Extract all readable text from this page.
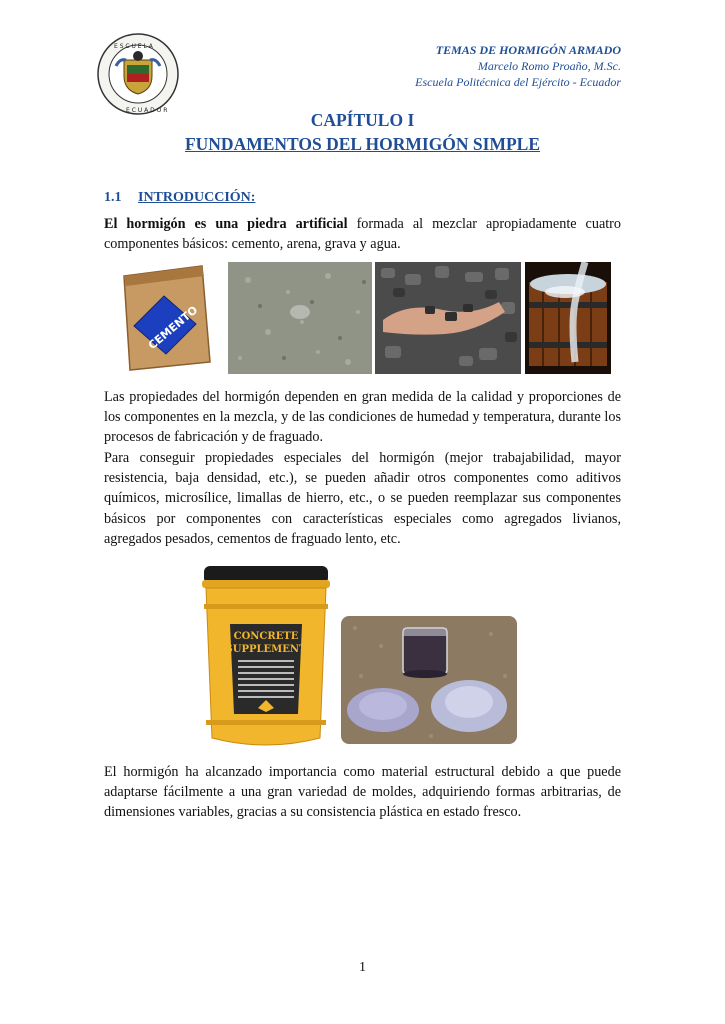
E S C U E L A
E C U A D O R
TEMAS DE HORMIGÓN ARMADO
Marcelo Romo Proaño, M.Sc.
Escuela Politécnica del Ejército - Ecuador
CAPÍTULO I
FUNDAMENTOS DEL HORMIGÓN SIMPLE
1.1 INTRODUCCIÓN:
El hormigón es una piedra artificial formada al mezclar apropiadamente cuatro componentes básicos: cemento, arena, grava y agua.
CEMENTO
Las propiedades del hormigón dependen en gran medida de la calidad y proporciones de los componentes en la mezcla, y de las condiciones de humedad y temperatura, durante los procesos de fabricación y de fraguado.
Para conseguir propiedades especiales del hormigón (mejor trabajabilidad, mayor resistencia, baja densidad, etc.), se pueden añadir otros componentes como aditivos químicos, microsílice, limallas de hierro, etc., o se pueden reemplazar sus componentes básicos por componentes con características especiales como agregados livianos, agregados pesados, cementos de fraguado lento, etc.
CONCRETE
SUPPLEMENT
El hormigón ha alcanzado importancia como material estructural debido a que puede adaptarse fácilmente a una gran variedad de moldes, adquiriendo formas arbitrarias, de dimensiones variables, gracias a su consistencia plástica en estado fresco.
1
